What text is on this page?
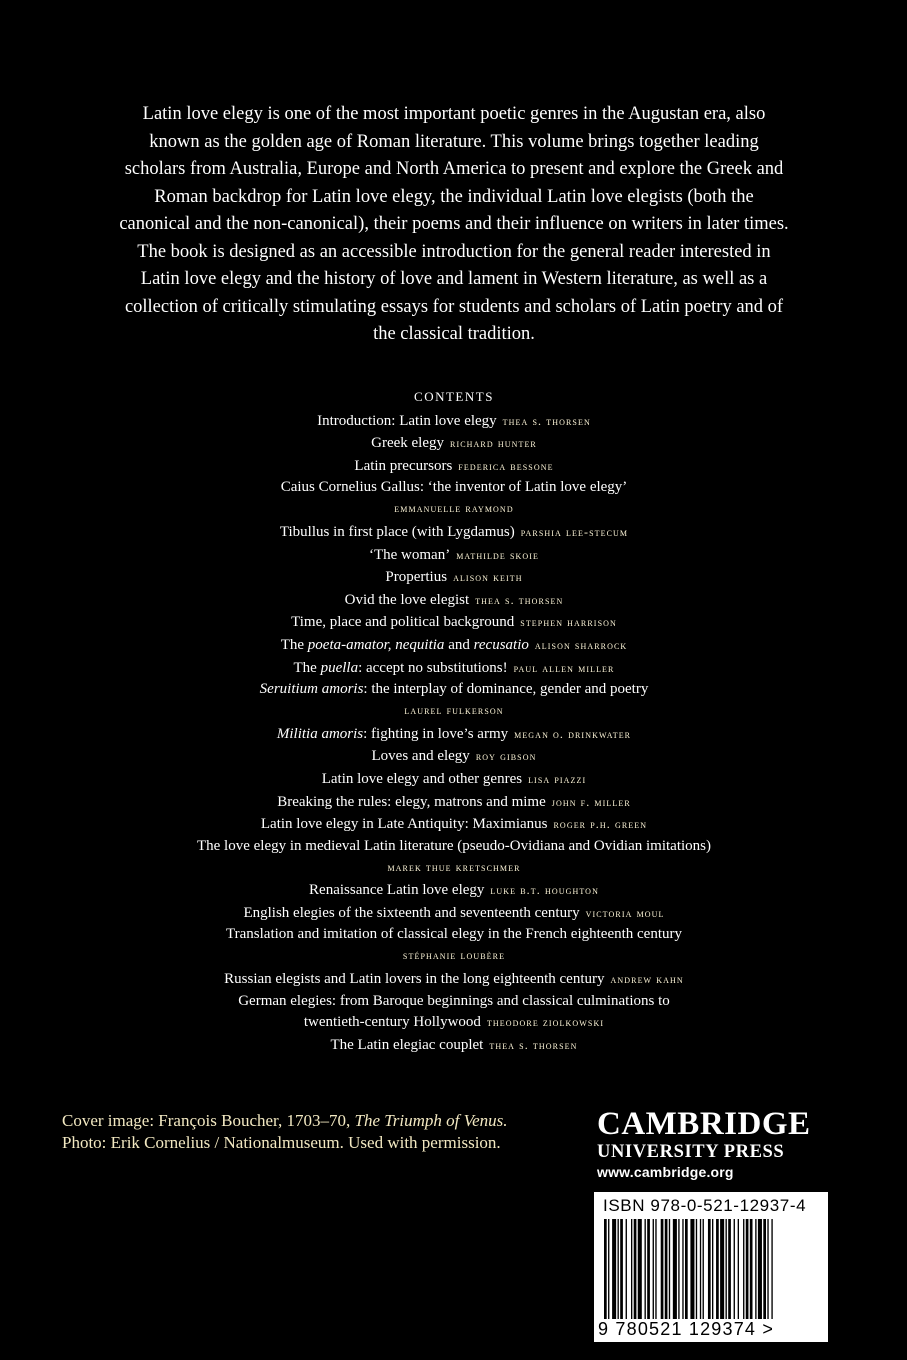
Latin love elegy is one of the most important poetic genres in the Augustan era, also known as the golden age of Roman literature. This volume brings together leading scholars from Australia, Europe and North America to present and explore the Greek and Roman backdrop for Latin love elegy, the individual Latin love elegists (both the canonical and the non-canonical), their poems and their influence on writers in later times. The book is designed as an accessible introduction for the general reader interested in Latin love elegy and the history of love and lament in Western literature, as well as a collection of critically stimulating essays for students and scholars of Latin poetry and of the classical tradition.
CONTENTS
Introduction: Latin love elegy thea s. thorsen
Greek elegy richard hunter
Latin precursors federica bessone
Caius Cornelius Gallus: ‘the inventor of Latin love elegy’
emmanuelle raymond
Tibullus in first place (with Lygdamus) parshia lee-stecum
‘The woman’ mathilde skoie
Propertius alison keith
Ovid the love elegist thea s. thorsen
Time, place and political background stephen harrison
The poeta-amator, nequitia and recusatio alison sharrock
The puella: accept no substitutions! paul allen miller
Seruitium amoris: the interplay of dominance, gender and poetry
laurel fulkerson
Militia amoris: fighting in love’s army megan o. drinkwater
Loves and elegy roy gibson
Latin love elegy and other genres lisa piazzi
Breaking the rules: elegy, matrons and mime john f. miller
Latin love elegy in Late Antiquity: Maximianus roger p.h. green
The love elegy in medieval Latin literature (pseudo-Ovidiana and Ovidian imitations)
marek thue kretschmer
Renaissance Latin love elegy luke b.t. houghton
English elegies of the sixteenth and seventeenth century victoria moul
Translation and imitation of classical elegy in the French eighteenth century
stéphanie loubère
Russian elegists and Latin lovers in the long eighteenth century andrew kahn
German elegies: from Baroque beginnings and classical culminations to
twentieth-century Hollywood theodore ziolkowski
The Latin elegiac couplet thea s. thorsen
Cover image: François Boucher, 1703–70, The Triumph of Venus.
Photo: Erik Cornelius / Nationalmuseum. Used with permission.
CAMBRIDGE
UNIVERSITY PRESS
www.cambridge.org
ISBN 978-0-521-12937-4
9 780521 129374 >
